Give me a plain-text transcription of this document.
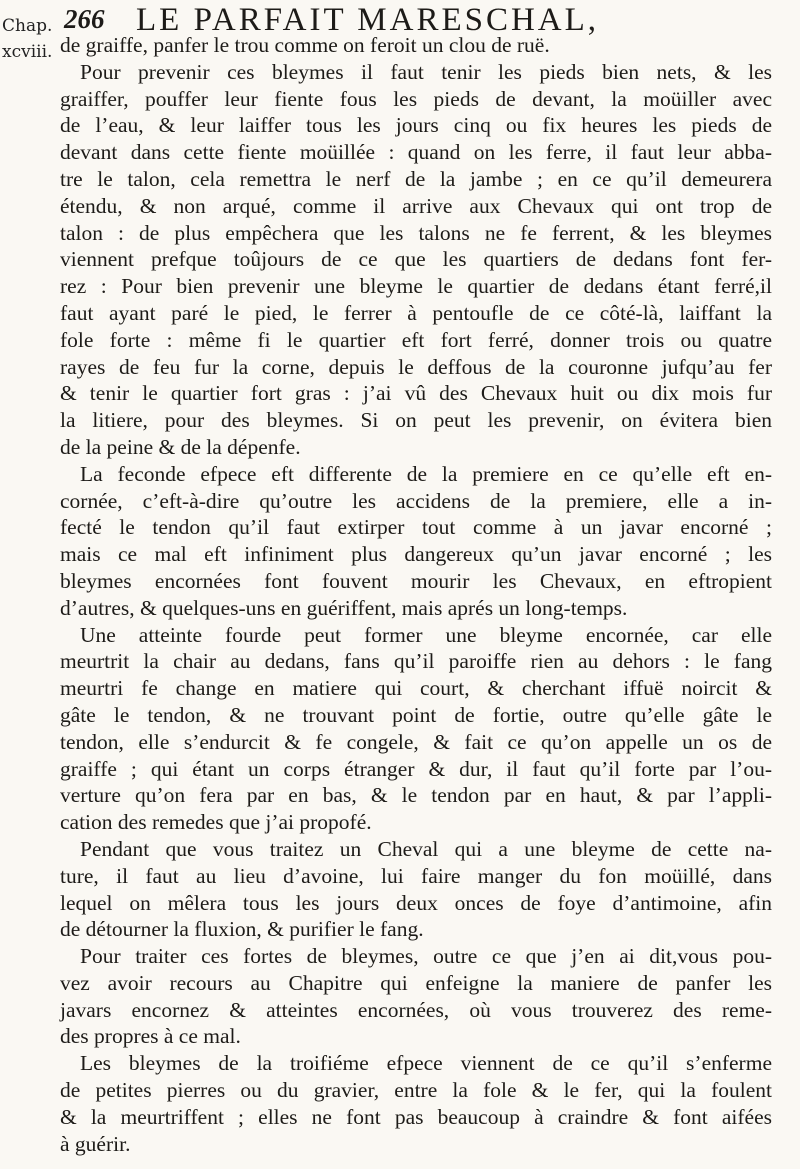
Chap.
xcviii.
266 LE PARFAIT MARESCHAL,
de graiffe, panfer le trou comme on feroit un clou de ruë.
Pour prevenir ces bleymes il faut tenir les pieds bien nets, & les
graiffer, pouffer leur fiente fous les pieds de devant, la moüiller avec
de l’eau, & leur laiffer tous les jours cinq ou fix heures les pieds de
devant dans cette fiente moüillée : quand on les ferre, il faut leur abba-
tre le talon, cela remettra le nerf de la jambe ; en ce qu’il demeurera
étendu, & non arqué, comme il arrive aux Chevaux qui ont trop de
talon : de plus empêchera que les talons ne fe ferrent, & les bleymes
viennent prefque toûjours de ce que les quartiers de dedans font fer-
rez : Pour bien prevenir une bleyme le quartier de dedans étant ferré,il
faut ayant paré le pied, le ferrer à pentoufle de ce côté-là, laiffant la
fole forte : même fi le quartier eft fort ferré, donner trois ou quatre
rayes de feu fur la corne, depuis le deffous de la couronne jufqu’au fer
& tenir le quartier fort gras : j’ai vû des Chevaux huit ou dix mois fur
la litiere, pour des bleymes. Si on peut les prevenir, on évitera bien
de la peine & de la dépenfe.
La feconde efpece eft differente de la premiere en ce qu’elle eft en-
cornée, c’eft-à-dire qu’outre les accidens de la premiere, elle a in-
fecté le tendon qu’il faut extirper tout comme à un javar encorné ;
mais ce mal eft infiniment plus dangereux qu’un javar encorné ; les
bleymes encornées font fouvent mourir les Chevaux, en eftropient
d’autres, & quelques-uns en guériffent, mais aprés un long-temps.
Une atteinte fourde peut former une bleyme encornée, car elle
meurtrit la chair au dedans, fans qu’il paroiffe rien au dehors : le fang
meurtri fe change en matiere qui court, & cherchant iffuë noircit &
gâte le tendon, & ne trouvant point de fortie, outre qu’elle gâte le
tendon, elle s’endurcit & fe congele, & fait ce qu’on appelle un os de
graiffe ; qui étant un corps étranger & dur, il faut qu’il forte par l’ou-
verture qu’on fera par en bas, & le tendon par en haut, & par l’appli-
cation des remedes que j’ai propofé.
Pendant que vous traitez un Cheval qui a une bleyme de cette na-
ture, il faut au lieu d’avoine, lui faire manger du fon moüillé, dans
lequel on mêlera tous les jours deux onces de foye d’antimoine, afin
de détourner la fluxion, & purifier le fang.
Pour traiter ces fortes de bleymes, outre ce que j’en ai dit,vous pou-
vez avoir recours au Chapitre qui enfeigne la maniere de panfer les
javars encornez & atteintes encornées, où vous trouverez des reme-
des propres à ce mal.
Les bleymes de la troifiéme efpece viennent de ce qu’il s’enferme
de petites pierres ou du gravier, entre la fole & le fer, qui la foulent
& la meurtriffent ; elles ne font pas beaucoup à craindre & font aifées
à guérir.
